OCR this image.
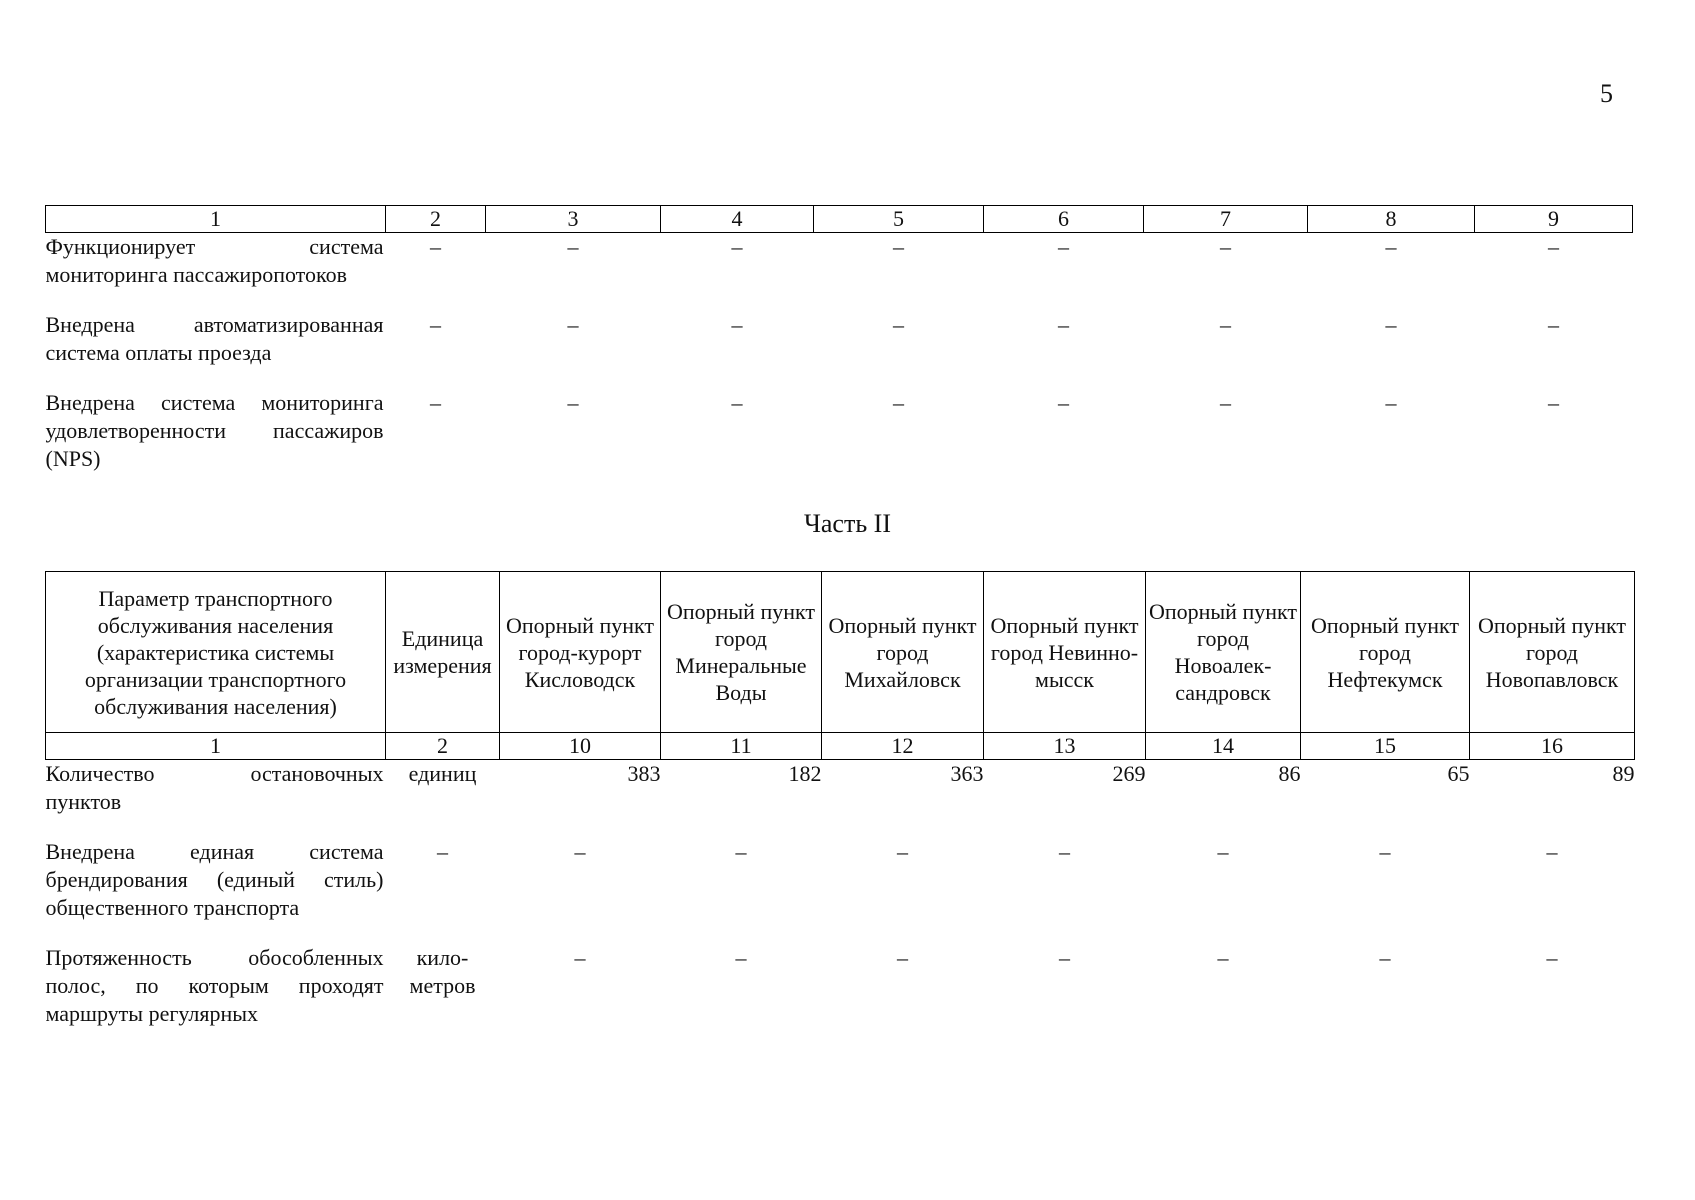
5
1	2	3	4	5	6	7	8	9

Функционирует система
мониторинга пассажиропотоков	–	–	–	–	–	–	–	–

Внедрена автоматизированная
система оплаты проезда	–	–	–	–	–	–	–	–

Внедрена система мониторинга
удовлетворенности пассажиров
(NPS)	–	–	–	–	–	–	–	–
Часть II
Параметр транспортного обслуживания населения (характеристика системы организации транспортного обслуживания населения)	Единица измерения	Опорный пункт город-курорт Кисловодск	Опорный пункт город Минеральные Воды	Опорный пункт город Михайловск	Опорный пункт город Невинно-мысск	Опорный пункт город Новоалек-сандровск	Опорный пункт город Нефтекумск	Опорный пункт город Новопавловск
1	2	10	11	12	13	14	15	16

Количество остановочных
пунктов	единиц	383	182	363	269	86	65	89

Внедрена единая система
брендирования (единый стиль)
общественного транспорта	–	–	–	–	–	–	–	–

Протяженность обособленных
полос, по которым проходят
маршруты регулярных	кило-метров	–	–	–	–	–	–	–
